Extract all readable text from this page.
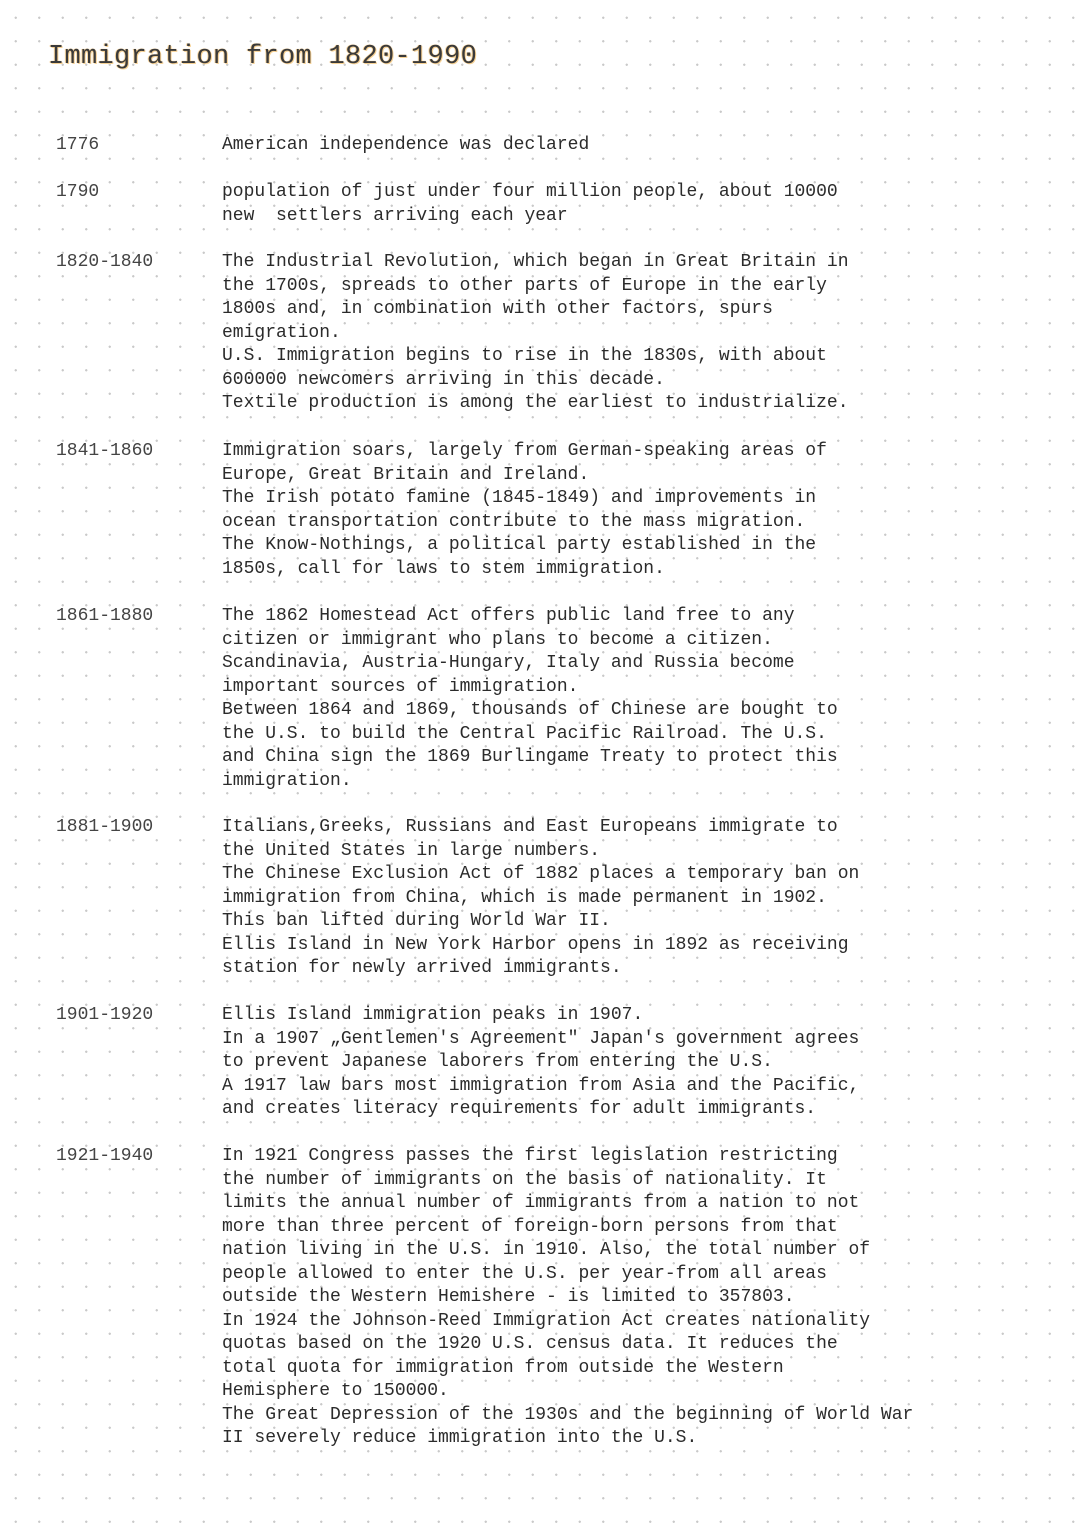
Immigration from 1820-1990
1776	American independence was declared
1790	population of just under four million people, about 10000
new  settlers arriving each year
1820-1840	The Industrial Revolution, which began in Great Britain in
the 1700s, spreads to other parts of Europe in the early
1800s and, in combination with other factors, spurs
emigration.
U.S. Immigration begins to rise in the 1830s, with about
600000 newcomers arriving in this decade.
Textile production is among the earliest to industrialize.
1841-1860	Immigration soars, largely from German-speaking areas of
Europe, Great Britain and Ireland.
The Irish potato famine (1845-1849) and improvements in
ocean transportation contribute to the mass migration.
The Know-Nothings, a political party established in the
1850s, call for laws to stem immigration.
1861-1880	The 1862 Homestead Act offers public land free to any
citizen or immigrant who plans to become a citizen.
Scandinavia, Austria-Hungary, Italy and Russia become
important sources of immigration.
Between 1864 and 1869, thousands of Chinese are bought to
the U.S. to build the Central Pacific Railroad. The U.S.
and China sign the 1869 Burlingame Treaty to protect this
immigration.
1881-1900	Italians,Greeks, Russians and East Europeans immigrate to
the United States in large numbers.
The Chinese Exclusion Act of 1882 places a temporary ban on
immigration from China, which is made permanent in 1902.
This ban lifted during World War II.
Ellis Island in New York Harbor opens in 1892 as receiving
station for newly arrived immigrants.
1901-1920	Ellis Island immigration peaks in 1907.
In a 1907 „Gentlemen's Agreement" Japan's government agrees
to prevent Japanese laborers from entering the U.S.
A 1917 law bars most immigration from Asia and the Pacific,
and creates literacy requirements for adult immigrants.
1921-1940	In 1921 Congress passes the first legislation restricting
the number of immigrants on the basis of nationality. It
limits the annual number of immigrants from a nation to not
more than three percent of foreign-born persons from that
nation living in the U.S. in 1910. Also, the total number of
people allowed to enter the U.S. per year-from all areas
outside the Western Hemishere - is limited to 357803.
In 1924 the Johnson-Reed Immigration Act creates nationality
quotas based on the 1920 U.S. census data. It reduces the
total quota for immigration from outside the Western
Hemisphere to 150000.
The Great Depression of the 1930s and the beginning of World War
II severely reduce immigration into the U.S.
